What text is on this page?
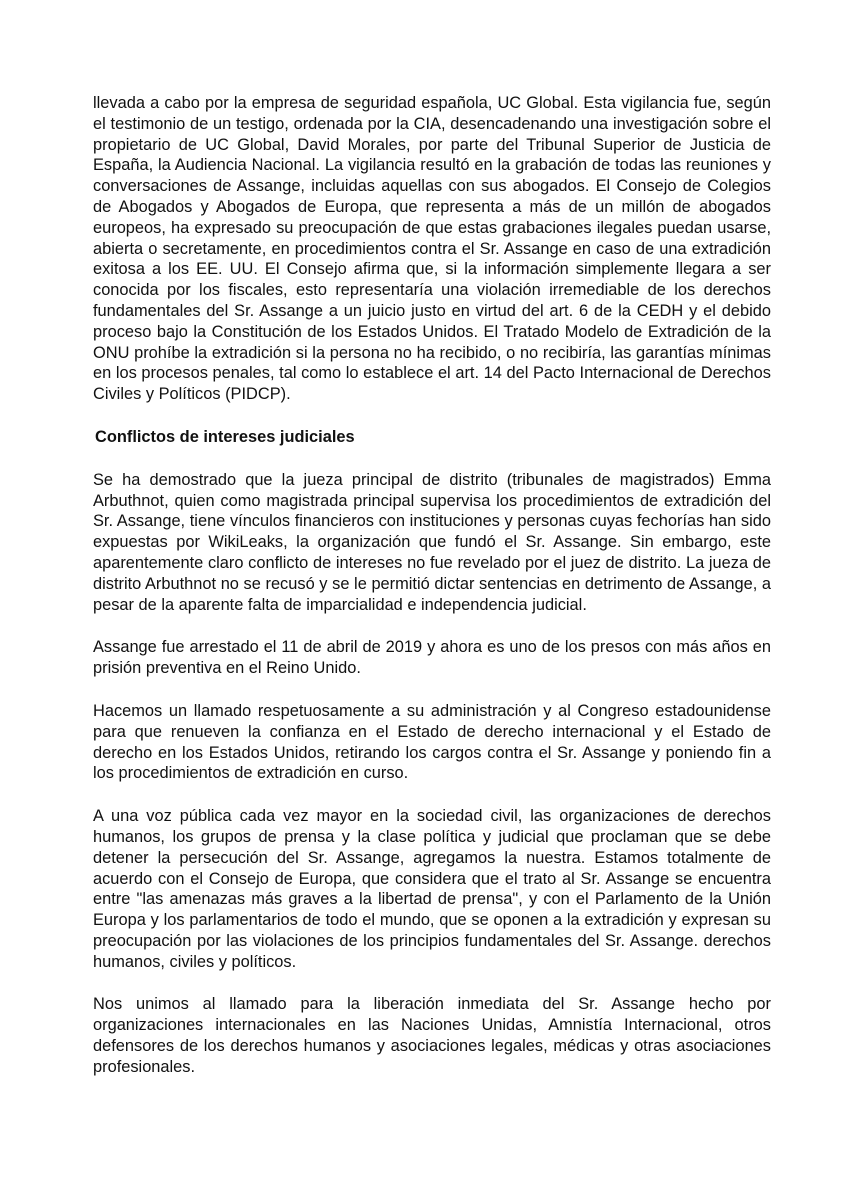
llevada a cabo por la empresa de seguridad española, UC Global. Esta vigilancia fue, según el testimonio de un testigo, ordenada por la CIA, desencadenando una investigación sobre el propietario de UC Global, David Morales, por parte del Tribunal Superior de Justicia de España, la Audiencia Nacional. La vigilancia resultó en la grabación de todas las reuniones y conversaciones de Assange, incluidas aquellas con sus abogados. El Consejo de Colegios de Abogados y Abogados de Europa, que representa a más de un millón de abogados europeos, ha expresado su preocupación de que estas grabaciones ilegales puedan usarse, abierta o secretamente, en procedimientos contra el Sr. Assange en caso de una extradición exitosa a los EE. UU. El Consejo afirma que, si la información simplemente llegara a ser conocida por los fiscales, esto representaría una violación irremediable de los derechos fundamentales del Sr. Assange a un juicio justo en virtud del art. 6 de la CEDH y el debido proceso bajo la Constitución de los Estados Unidos. El Tratado Modelo de Extradición de la ONU prohíbe la extradición si la persona no ha recibido, o no recibiría, las garantías mínimas en los procesos penales, tal como lo establece el art. 14 del Pacto Internacional de Derechos Civiles y Políticos (PIDCP).

Conflictos de intereses judiciales

Se ha demostrado que la jueza principal de distrito (tribunales de magistrados) Emma Arbuthnot, quien como magistrada principal supervisa los procedimientos de extradición del Sr. Assange, tiene vínculos financieros con instituciones y personas cuyas fechorías han sido expuestas por WikiLeaks, la organización que fundó el Sr. Assange. Sin embargo, este aparentemente claro conflicto de intereses no fue revelado por el juez de distrito. La jueza de distrito Arbuthnot no se recusó y se le permitió dictar sentencias en detrimento de Assange, a pesar de la aparente falta de imparcialidad e independencia judicial.

Assange fue arrestado el 11 de abril de 2019 y ahora es uno de los presos con más años en prisión preventiva en el Reino Unido.

Hacemos un llamado respetuosamente a su administración y al Congreso estadounidense para que renueven la confianza en el Estado de derecho internacional y el Estado de derecho en los Estados Unidos, retirando los cargos contra el Sr. Assange y poniendo fin a los procedimientos de extradición en curso.

A una voz pública cada vez mayor en la sociedad civil, las organizaciones de derechos humanos, los grupos de prensa y la clase política y judicial que proclaman que se debe detener la persecución del Sr. Assange, agregamos la nuestra. Estamos totalmente de acuerdo con el Consejo de Europa, que considera que el trato al Sr. Assange se encuentra entre "las amenazas más graves a la libertad de prensa", y con el Parlamento de la Unión Europa y los parlamentarios de todo el mundo, que se oponen a la extradición y expresan su preocupación por las violaciones de los principios fundamentales del Sr. Assange. derechos humanos, civiles y políticos.

Nos unimos al llamado para la liberación inmediata del Sr. Assange hecho por organizaciones internacionales en las Naciones Unidas, Amnistía Internacional, otros defensores de los derechos humanos y asociaciones legales, médicas y otras asociaciones profesionales.
